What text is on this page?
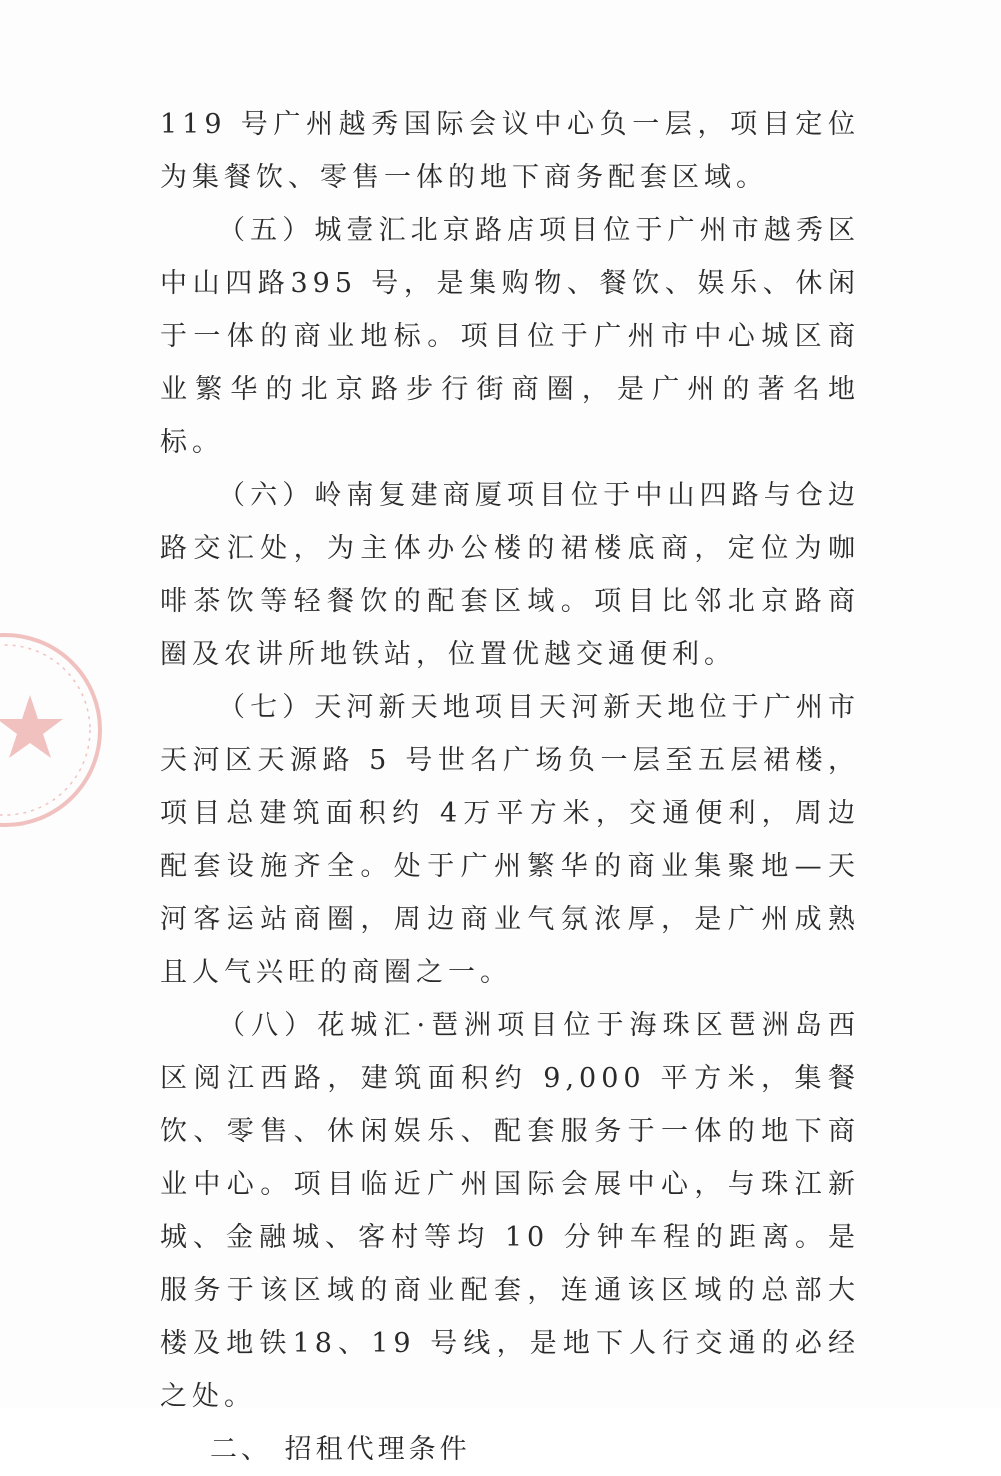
119 号广州越秀国际会议中心负一层，项目定位为集餐饮、零售一体的地下商务配套区域。

（五）城壹汇北京路店项目位于广州市越秀区中山四路395 号，是集购物、餐饮、娱乐、休闲于一体的商业地标。项目位于广州市中心城区商业繁华的北京路步行街商圈，是广州的著名地标。

（六）岭南复建商厦项目位于中山四路与仓边路交汇处，为主体办公楼的裙楼底商，定位为咖啡茶饮等轻餐饮的配套区域。项目比邻北京路商圈及农讲所地铁站，位置优越交通便利。

（七）天河新天地项目天河新天地位于广州市天河区天源路 5 号世名广场负一层至五层裙楼，项目总建筑面积约 4万平方米，交通便利，周边配套设施齐全。处于广州繁华的商业集聚地—天河客运站商圈，周边商业气氛浓厚，是广州成熟且人气兴旺的商圈之一。

（八）花城汇·琶洲项目位于海珠区琶洲岛西区阅江西路，建筑面积约 9,000 平方米，集餐饮、零售、休闲娱乐、配套服务于一体的地下商业中心。项目临近广州国际会展中心，与珠江新城、金融城、客村等均 10 分钟车程的距离。是服务于该区域的商业配套，连通该区域的总部大楼及地铁18、19 号线，是地下人行交通的必经之处。

二、 招租代理条件
